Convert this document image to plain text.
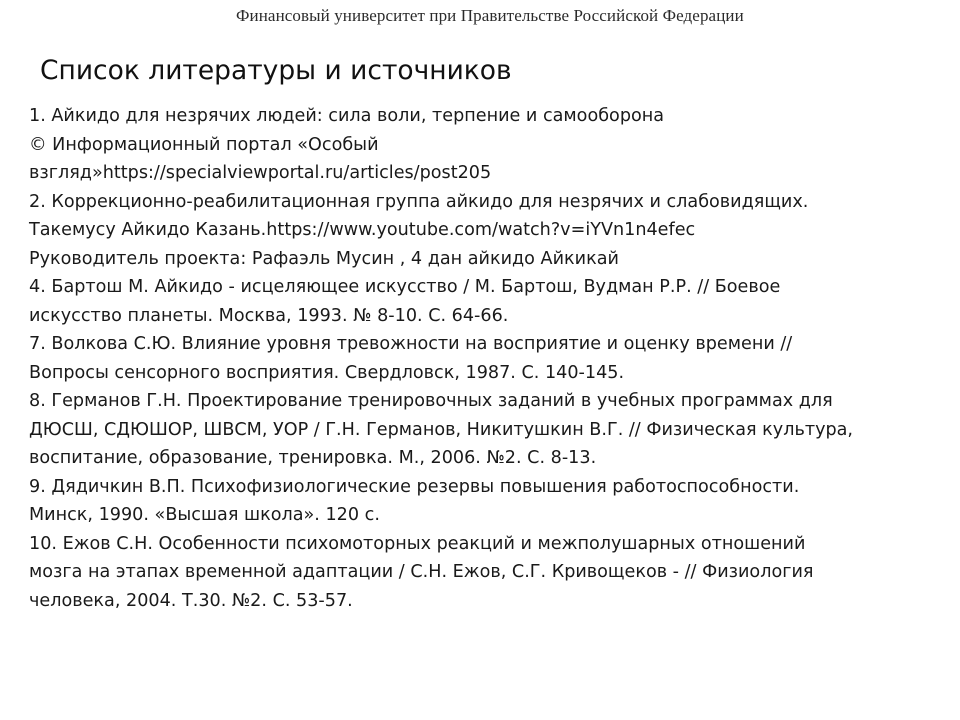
Финансовый университет при Правительстве Российской Федерации
Список литературы и источников
1. Айкидо для незрячих людей: сила воли, терпение и самооборона
© Информационный портал «Особый
взгляд»https://specialviewportal.ru/articles/post205
2. Коррекционно-реабилитационная группа айкидо для незрячих и слабовидящих.
Такемусу Айкидо Казань.https://www.youtube.com/watch?v=iYVn1n4efec
Руководитель проекта: Рафаэль Мусин , 4 дан айкидо Айкикай
4. Бартош М. Айкидо - исцеляющее искусство / М. Бартош, Вудман Р.Р. // Боевое
искусство планеты. Москва, 1993. № 8-10. С. 64-66.
7. Волкова С.Ю. Влияние уровня тревожности на восприятие и оценку времени //
Вопросы сенсорного восприятия. Свердловск, 1987. С. 140-145.
8. Германов Г.Н. Проектирование тренировочных заданий в учебных программах для
ДЮСШ, СДЮШОР, ШВСМ, УОР / Г.Н. Германов, Никитушкин В.Г. // Физическая культура,
воспитание, образование, тренировка. М., 2006. №2. С. 8-13.
9. Дядичкин В.П. Психофизиологические резервы повышения работоспособности.
Минск, 1990. «Высшая школа». 120 с.
10. Ежов С.Н. Особенности психомоторных реакций и межполушарных отношений
мозга на этапах временной адаптации / С.Н. Ежов, С.Г. Кривощеков - // Физиология
человека, 2004. Т.30. №2. С. 53-57.
